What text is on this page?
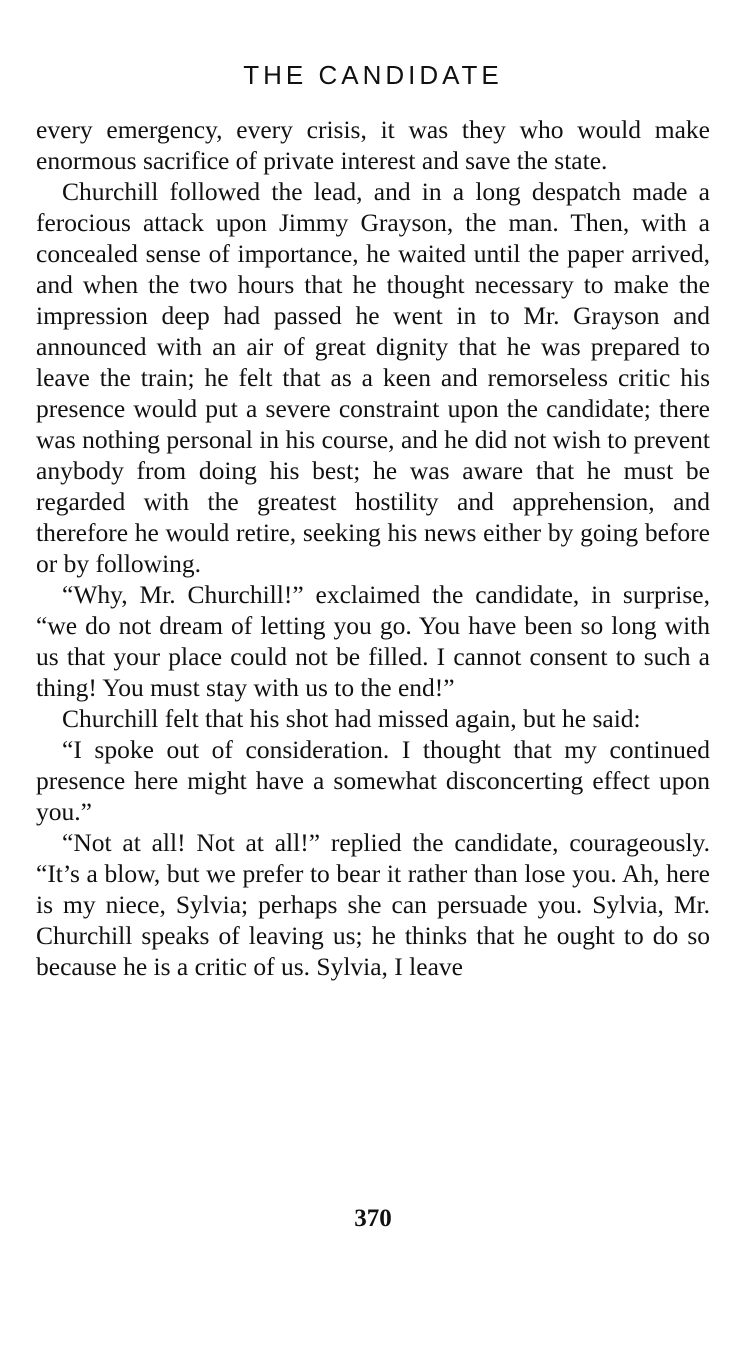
THE CANDIDATE

every emergency, every crisis, it was they who would make enormous sacrifice of private interest and save the state.

Churchill followed the lead, and in a long despatch made a ferocious attack upon Jimmy Grayson, the man. Then, with a concealed sense of importance, he waited until the paper arrived, and when the two hours that he thought necessary to make the impression deep had passed he went in to Mr. Grayson and announced with an air of great dignity that he was prepared to leave the train; he felt that as a keen and remorseless critic his presence would put a severe constraint upon the candidate; there was nothing personal in his course, and he did not wish to prevent anybody from doing his best; he was aware that he must be regarded with the greatest hostility and apprehension, and therefore he would retire, seeking his news either by going before or by following.

“Why, Mr. Churchill!” exclaimed the candidate, in surprise, “we do not dream of letting you go. You have been so long with us that your place could not be filled. I cannot consent to such a thing! You must stay with us to the end!”

Churchill felt that his shot had missed again, but he said:

“I spoke out of consideration. I thought that my continued presence here might have a somewhat disconcerting effect upon you.”

“Not at all! Not at all!” replied the candidate, courageously. “It’s a blow, but we prefer to bear it rather than lose you. Ah, here is my niece, Sylvia; perhaps she can persuade you. Sylvia, Mr. Churchill speaks of leaving us; he thinks that he ought to do so because he is a critic of us. Sylvia, I leave

370
